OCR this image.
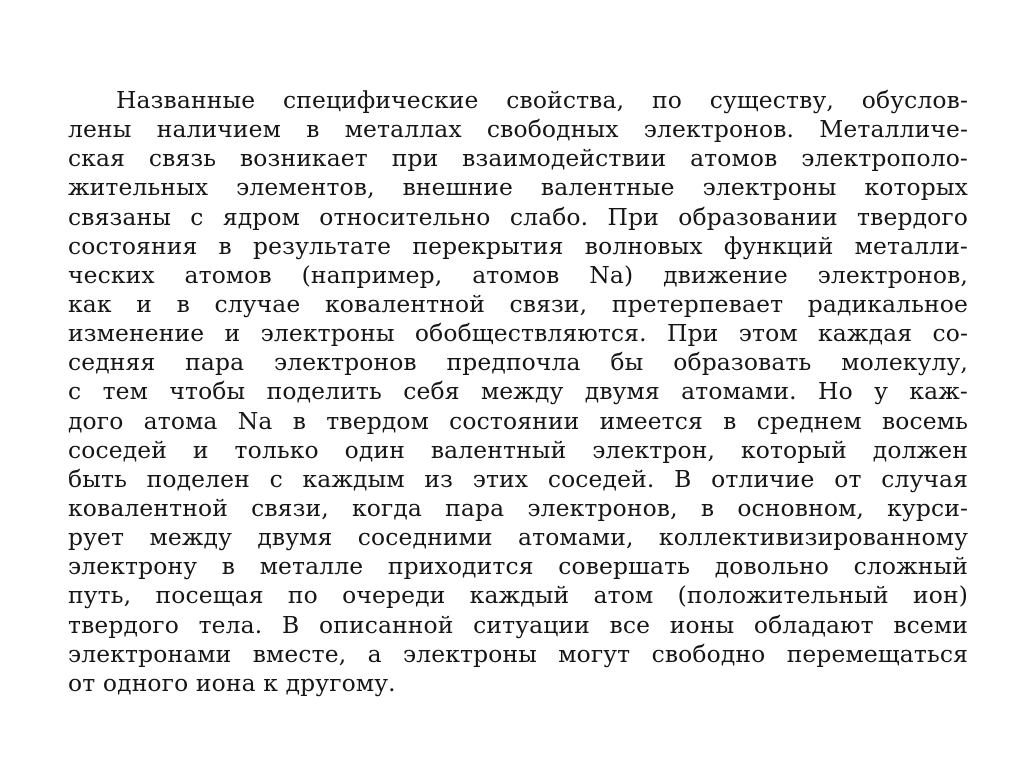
Названные специфические свойства, по существу, обуслов-
лены наличием в металлах свободных электронов. Металличе-
ская связь возникает при взаимодействии атомов электрополо-
жительных элементов, внешние валентные электроны которых
связаны с ядром относительно слабо. При образовании твердого
состояния в результате перекрытия волновых функций металли-
ческих атомов (например, атомов Na) движение электронов,
как и в случае ковалентной связи, претерпевает радикальное
изменение и электроны обобществляются. При этом каждая со-
седняя пара электронов предпочла бы образовать молекулу,
с тем чтобы поделить себя между двумя атомами. Но у каж-
дого атома Na в твердом состоянии имеется в среднем восемь
соседей и только один валентный электрон, который должен
быть поделен с каждым из этих соседей. В отличие от случая
ковалентной связи, когда пара электронов, в основном, курси-
рует между двумя соседними атомами, коллективизированному
электрону в металле приходится совершать довольно сложный
путь, посещая по очереди каждый атом (положительный ион)
твердого тела. В описанной ситуации все ионы обладают всеми
электронами вместе, а электроны могут свободно перемещаться
от одного иона к другому.
